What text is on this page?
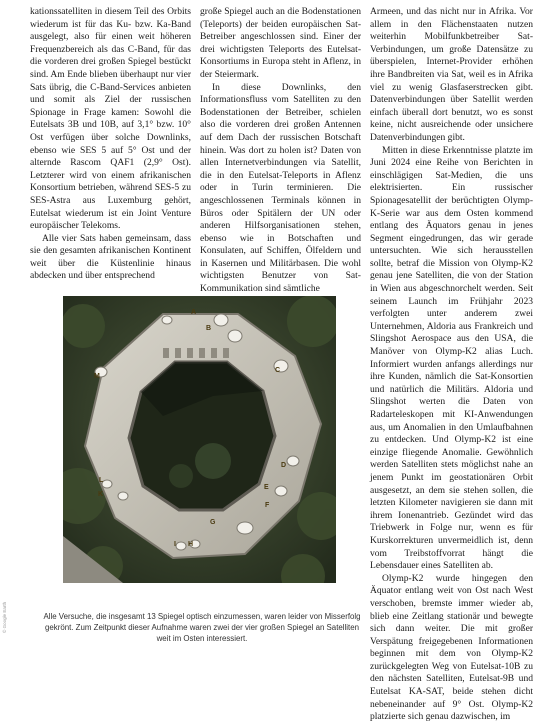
kationssatelliten in diesem Teil des Orbits wiederum ist für das Ku- bzw. Ka-Band ausgelegt, also für einen weit höheren Frequenzbereich als das C-Band, für das die vorderen drei großen Spiegel bestückt sind. Am Ende blieben überhaupt nur vier Sats übrig, die C-Band-Services anbieten und somit als Ziel der russischen Spionage in Frage kamen: Sowohl die Eutelsats 3B und 10B, auf 3,1° bzw. 10° Ost verfügen über solche Downlinks, ebenso wie SES 5 auf 5° Ost und der alternde Rascom QAF1 (2,9° Ost). Letzterer wird von einem afrikanischen Konsortium betrieben, während SES-5 zu SES-Astra aus Luxemburg gehört, Eutelsat wiederum ist ein Joint Venture europäischer Telekoms.

Alle vier Sats haben gemeinsam, dass sie den gesamten afrikanischen Kontinent weit über die Küstenlinie hinaus abdecken und über entsprechend

große Spiegel auch an die Bodenstationen (Teleports) der beiden europäischen Sat-Betreiber angeschlossen sind. Einer der drei wichtigsten Teleports des Eutelsat-Konsortiums in Europa steht in Aflenz, in der Steiermark.

In diese Downlinks, den Informationsfluss vom Satelliten zu den Bodenstationen der Betreiber, schielen also die vorderen drei großen Antennen auf dem Dach der russischen Botschaft hinein. Was dort zu holen ist? Daten von allen Internetverbindungen via Satellit, die in den Eutelsat-Teleports in Aflenz oder in Turin terminieren. Die angeschlossenen Terminals können in Büros oder Spitälern der UN oder anderen Hilfsorganisationen stehen, ebenso wie in Botschaften und Konsulaten, auf Schiffen, Ölfeldern und in Kasernen und Militärbasen. Die wohl wichtigsten Benutzer von Sat-Kommunikation sind sämtliche

Armeen, und das nicht nur in Afrika. Vor allem in den Flächenstaaten nutzen weiterhin Mobilfunkbetreiber Sat-Verbindungen, um große Datensätze zu überspielen, Internet-Provider erhöhen ihre Bandbreiten via Sat, weil es in Afrika viel zu wenig Glasfaserstrecken gibt. Datenverbindungen über Satellit werden einfach überall dort benutzt, wo es sonst keine, nicht ausreichende oder unsichere Datenverbindungen gibt.

Mitten in diese Erkenntnisse platzte im Juni 2024 eine Reihe von Berichten in einschlägigen Sat-Medien, die uns elektrisierten. Ein russischer Spionagesatellit der berüchtigten Olymp-K-Serie war aus dem Osten kommend entlang des Äquators genau in jenes Segment eingedrungen, das wir gerade untersuchten. Wie sich herausstellen sollte, betraf die Mission von Olymp-K2 genau jene Satelliten, die von der Station in Wien aus abgeschnorchelt werden. Seit seinem Launch im Frühjahr 2023 verfolgten unter anderem zwei Unternehmen, Aldoria aus Frankreich und Slingshot Aerospace aus den USA, die Manöver von Olymp-K2 alias Luch. Informiert wurden anfangs allerdings nur ihre Kunden, nämlich die Sat-Konsortien und natürlich die Militärs. Aldoria und Slingshot werten die Daten von Radarteleskopen mit KI-Anwendungen aus, um Anomalien in den Umlaufbahnen zu entdecken. Und Olymp-K2 ist eine einzige fliegende Anomalie. Gewöhnlich werden Satelliten stets möglichst nahe an jenem Punkt im geostationären Orbit ausgesetzt, an dem sie stehen sollen, die letzten Kilometer navigieren sie dann mit ihrem Ionenantrieb. Gezündet wird das Triebwerk in Folge nur, wenn es für Kurskorrekturen unvermeidlich ist, denn vom Treibstoffvorrat hängt die Lebensdauer eines Satelliten ab.

Olymp-K2 wurde hingegen den Äquator entlang weit von Ost nach West verschoben, bremste immer wieder ab, blieb eine Zeitlang stationär und bewegte sich dann weiter. Die mit großer Verspätung freigegebenen Informationen beginnen mit dem von Olymp-K2 zurückgelegten Weg von Eutelsat-10B zu den nächsten Satelliten, Eutelsat-9B und Eutelsat KA-SAT, beide stehen dicht nebeneinander auf 9° Ost. Olymp-K2 platzierte sich genau dazwischen, im

A
B
C
D
E
F
G
H
I
K
L
M
Alle Versuche, die insgesamt 13 Spiegel optisch einzumessen, waren leider von Misserfolg gekrönt. Zum Zeitpunkt dieser Aufnahme waren zwei der vier großen Spiegel an Satelliten weit im Osten interessiert.
© Google Earth
